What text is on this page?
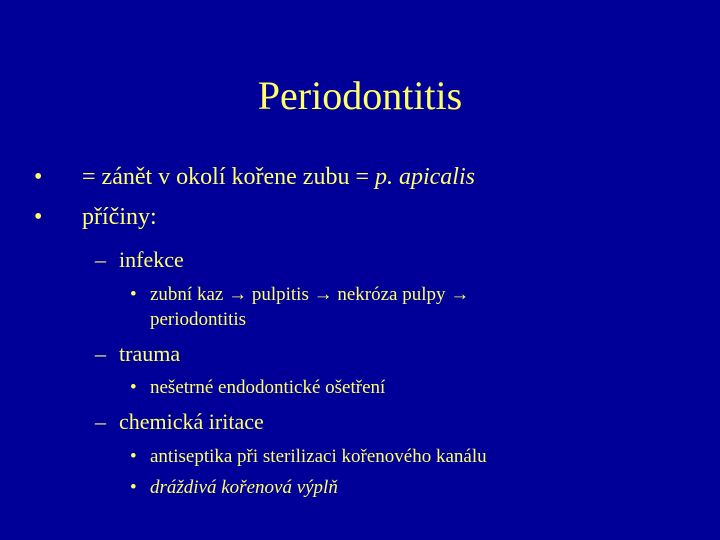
Periodontitis
• = zánět v okolí kořene zubu = p. apicalis
• příčiny:
– infekce
• zubní kaz → pulpitis → nekróza pulpy →
periodontitis
– trauma
• nešetrné endodontické ošetření
– chemická iritace
• antiseptika při sterilizaci kořenového kanálu
• dráždivá kořenová výplň
